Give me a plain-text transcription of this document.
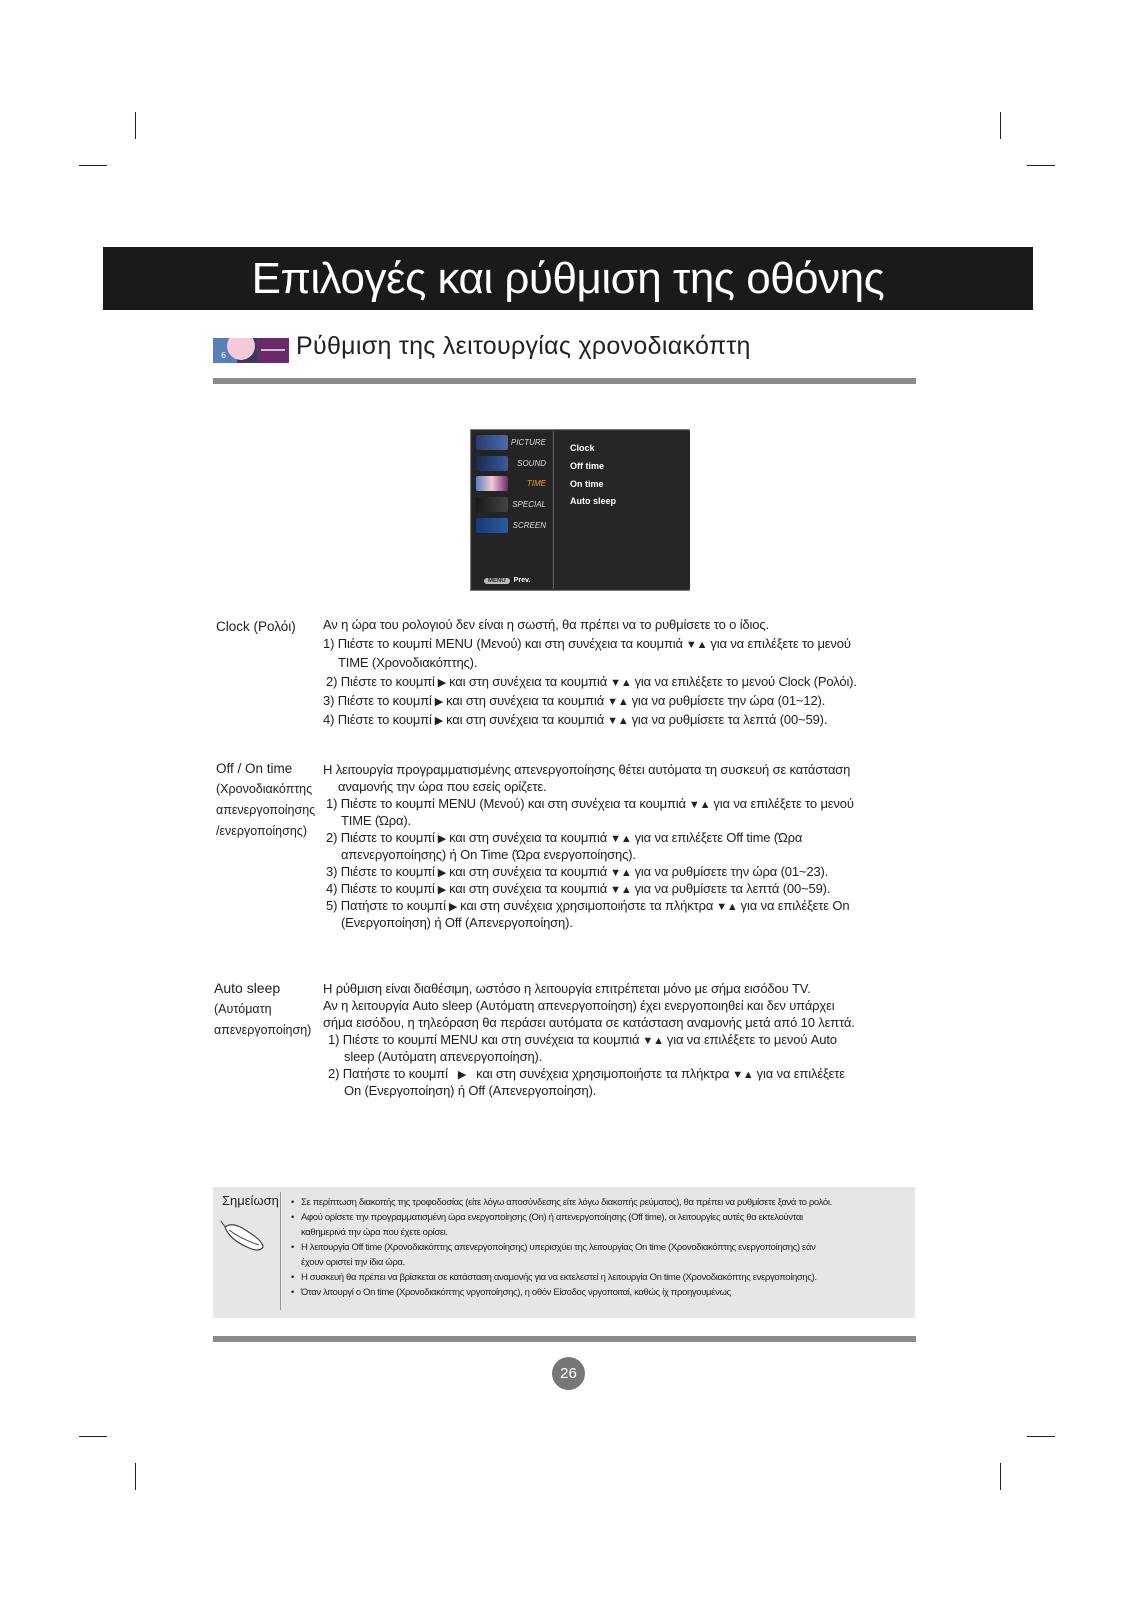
Επιλογές και ρύθμιση της οθόνης
6	Ρύθμιση της λειτουργίας χρονοδιακόπτη
PICTURE
SOUND
TIME
SPECIAL
SCREEN
MENU Prev.
Clock
Off time
On time
Auto sleep
Clock (Ρολόι) Αν η ώρα του ρολογιού δεν είναι η σωστή, θα πρέπει να το ρυθμίσετε το ο ίδιος.
1) Πιέστε το κουμπί MENU (Μενού) και στη συνέχεια τα κουμπιά ▼▲ για να επιλέξετε το μενού
TIME (Χρονοδιακόπτης).
2) Πιέστε το κουμπί ▶ και στη συνέχεια τα κουμπιά ▼▲ για να επιλέξετε το μενού Clock (Ρολόι).
3) Πιέστε το κουμπί ▶ και στη συνέχεια τα κουμπιά ▼▲ για να ρυθμίσετε την ώρα (01~12).
4) Πιέστε το κουμπί ▶ και στη συνέχεια τα κουμπιά ▼▲ για να ρυθμίσετε τα λεπτά (00~59).
Off / On time
(Χρονοδιακόπτης
απενεργοποίησης
/ενεργοποίησης)
Η λειτουργία προγραμματισμένης απενεργοποίησης θέτει αυτόματα τη συσκευή σε κατάσταση
αναμονής την ώρα που εσείς ορίζετε.
1) Πιέστε το κουμπί MENU (Μενού) και στη συνέχεια τα κουμπιά ▼▲ για να επιλέξετε το μενού
TIME (Ώρα).
2) Πιέστε το κουμπί ▶ και στη συνέχεια τα κουμπιά ▼▲ για να επιλέξετε Off time (Ώρα
απενεργοποίησης) ή On Time (Ώρα ενεργοποίησης).
3) Πιέστε το κουμπί ▶ και στη συνέχεια τα κουμπιά ▼▲ για να ρυθμίσετε την ώρα (01~23).
4) Πιέστε το κουμπί ▶ και στη συνέχεια τα κουμπιά ▼▲ για να ρυθμίσετε τα λεπτά (00~59).
5) Πατήστε το κουμπί ▶ και στη συνέχεια χρησιμοποιήστε τα πλήκτρα ▼▲ για να επιλέξετε On
(Ενεργοποίηση) ή Off (Απενεργοποίηση).
Auto sleep
(Αυτόματη
απενεργοποίηση)
Η ρύθμιση είναι διαθέσιμη, ωστόσο η λειτουργία επιτρέπεται μόνο με σήμα εισόδου TV.
Αν η λειτουργία Auto sleep (Αυτόματη απενεργοποίηση) έχει ενεργοποιηθεί και δεν υπάρχει
σήμα εισόδου, η τηλεόραση θα περάσει αυτόματα σε κατάσταση αναμονής μετά από 10 λεπτά.
1) Πιέστε το κουμπί MENU και στη συνέχεια τα κουμπιά ▼▲ για να επιλέξετε το μενού Auto
sleep (Αυτόματη απενεργοποίηση).
2) Πατήστε το κουμπί ▶ και στη συνέχεια χρησιμοποιήστε τα πλήκτρα ▼▲ για να επιλέξετε
On (Ενεργοποίηση) ή Off (Απενεργοποίηση).
Σημείωση
•	Σε περίπτωση διακοπής της τροφοδοσίας (είτε λόγω αποσύνδεσης είτε λόγω διακοπής ρεύματος), θα πρέπει να ρυθμίσετε ξανά το ρολόι.
• Αφού ορίσετε την προγραμματισμένη ώρα ενεργοποίησης (On) ή απενεργοποίησης (Off time), οι λειτουργίες αυτές θα εκτελούνται
καθημερινά την ώρα που έχετε ορίσει.
• Η λειτουργία Off time (Χρονοδιακόπτης απενεργοποίησης) υπερισχύει της λειτουργίας On time (Χρονοδιακόπτης ενεργοποίησης) εάν
έχουν οριστεί την ίδια ώρα.
• Η συσκευή θα πρέπει να βρίσκεται σε κατάσταση αναμονής για να εκτελεστεί η λειτουργία On time (Χρονοδιακόπτης ενεργοποίησης).
• Όταν λιτουργί ο On time (Χρονοδιακόπτης νργοποίησης), η οθόν Είσοδος νργοποιταί, καθώς ίχ προηγουμένως
26
